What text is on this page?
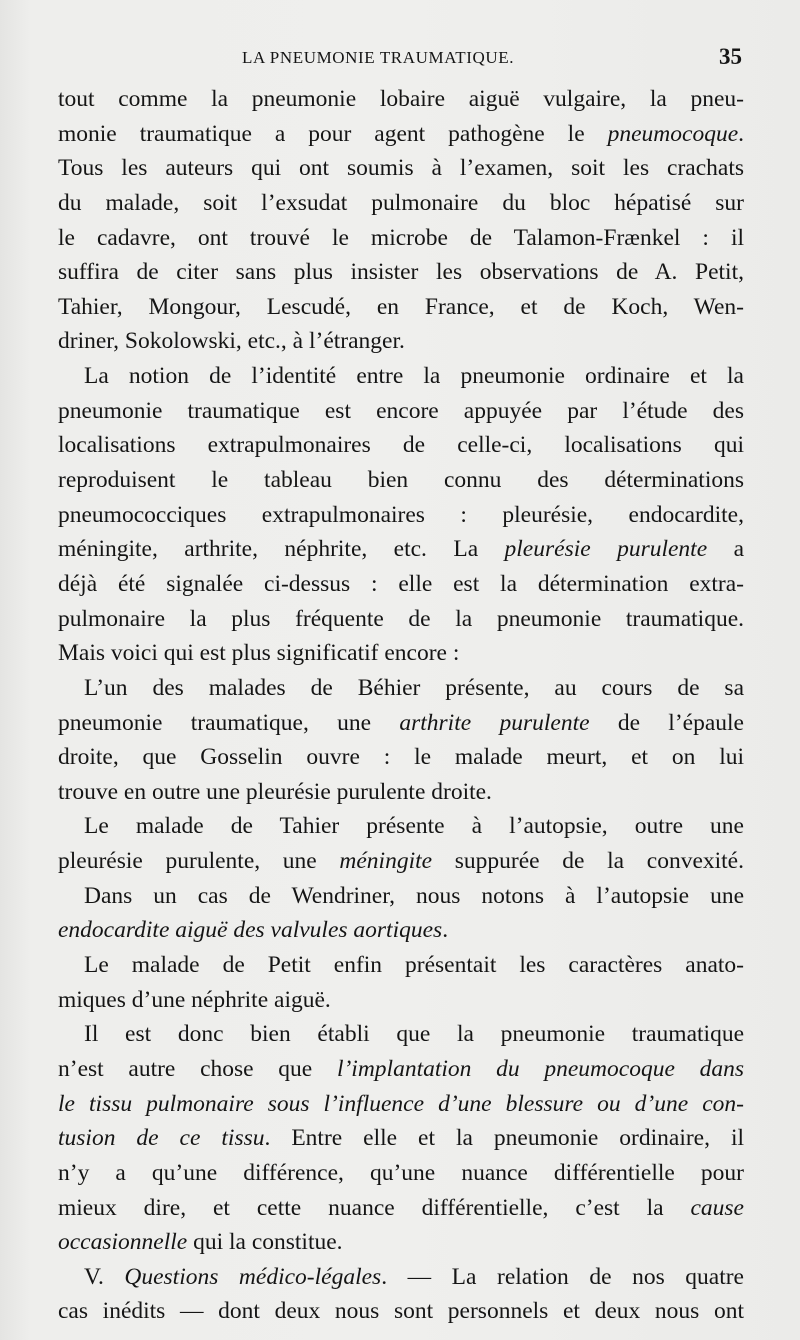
LA PNEUMONIE TRAUMATIQUE.	35
tout comme la pneumonie lobaire aiguë vulgaire, la pneu-
monie traumatique a pour agent pathogène le pneumocoque.
Tous les auteurs qui ont soumis à l’examen, soit les crachats
du malade, soit l’exsudat pulmonaire du bloc hépatisé sur
le cadavre, ont trouvé le microbe de Talamon-Frænkel : il
suffira de citer sans plus insister les observations de A. Petit,
Tahier, Mongour, Lescudé, en France, et de Koch, Wen-
driner, Sokolowski, etc., à l’étranger.
La notion de l’identité entre la pneumonie ordinaire et la
pneumonie traumatique est encore appuyée par l’étude des
localisations extrapulmonaires de celle-ci, localisations qui
reproduisent le tableau bien connu des déterminations
pneumococciques extrapulmonaires : pleurésie, endocardite,
méningite, arthrite, néphrite, etc. La pleurésie purulente a
déjà été signalée ci-dessus : elle est la détermination extra-
pulmonaire la plus fréquente de la pneumonie traumatique.
Mais voici qui est plus significatif encore :
L’un des malades de Béhier présente, au cours de sa
pneumonie traumatique, une arthrite purulente de l’épaule
droite, que Gosselin ouvre : le malade meurt, et on lui
trouve en outre une pleurésie purulente droite.
Le malade de Tahier présente à l’autopsie, outre une
pleurésie purulente, une méningite suppurée de la convexité.
Dans un cas de Wendriner, nous notons à l’autopsie une
endocardite aiguë des valvules aortiques.
Le malade de Petit enfin présentait les caractères anato-
miques d’une néphrite aiguë.
Il est donc bien établi que la pneumonie traumatique
n’est autre chose que l’implantation du pneumocoque dans
le tissu pulmonaire sous l’influence d’une blessure ou d’une con-
tusion de ce tissu. Entre elle et la pneumonie ordinaire, il
n’y a qu’une différence, qu’une nuance différentielle pour
mieux dire, et cette nuance différentielle, c’est la cause
occasionnelle qui la constitue.
V. Questions médico-légales. — La relation de nos quatre
cas inédits — dont deux nous sont personnels et deux nous ont
